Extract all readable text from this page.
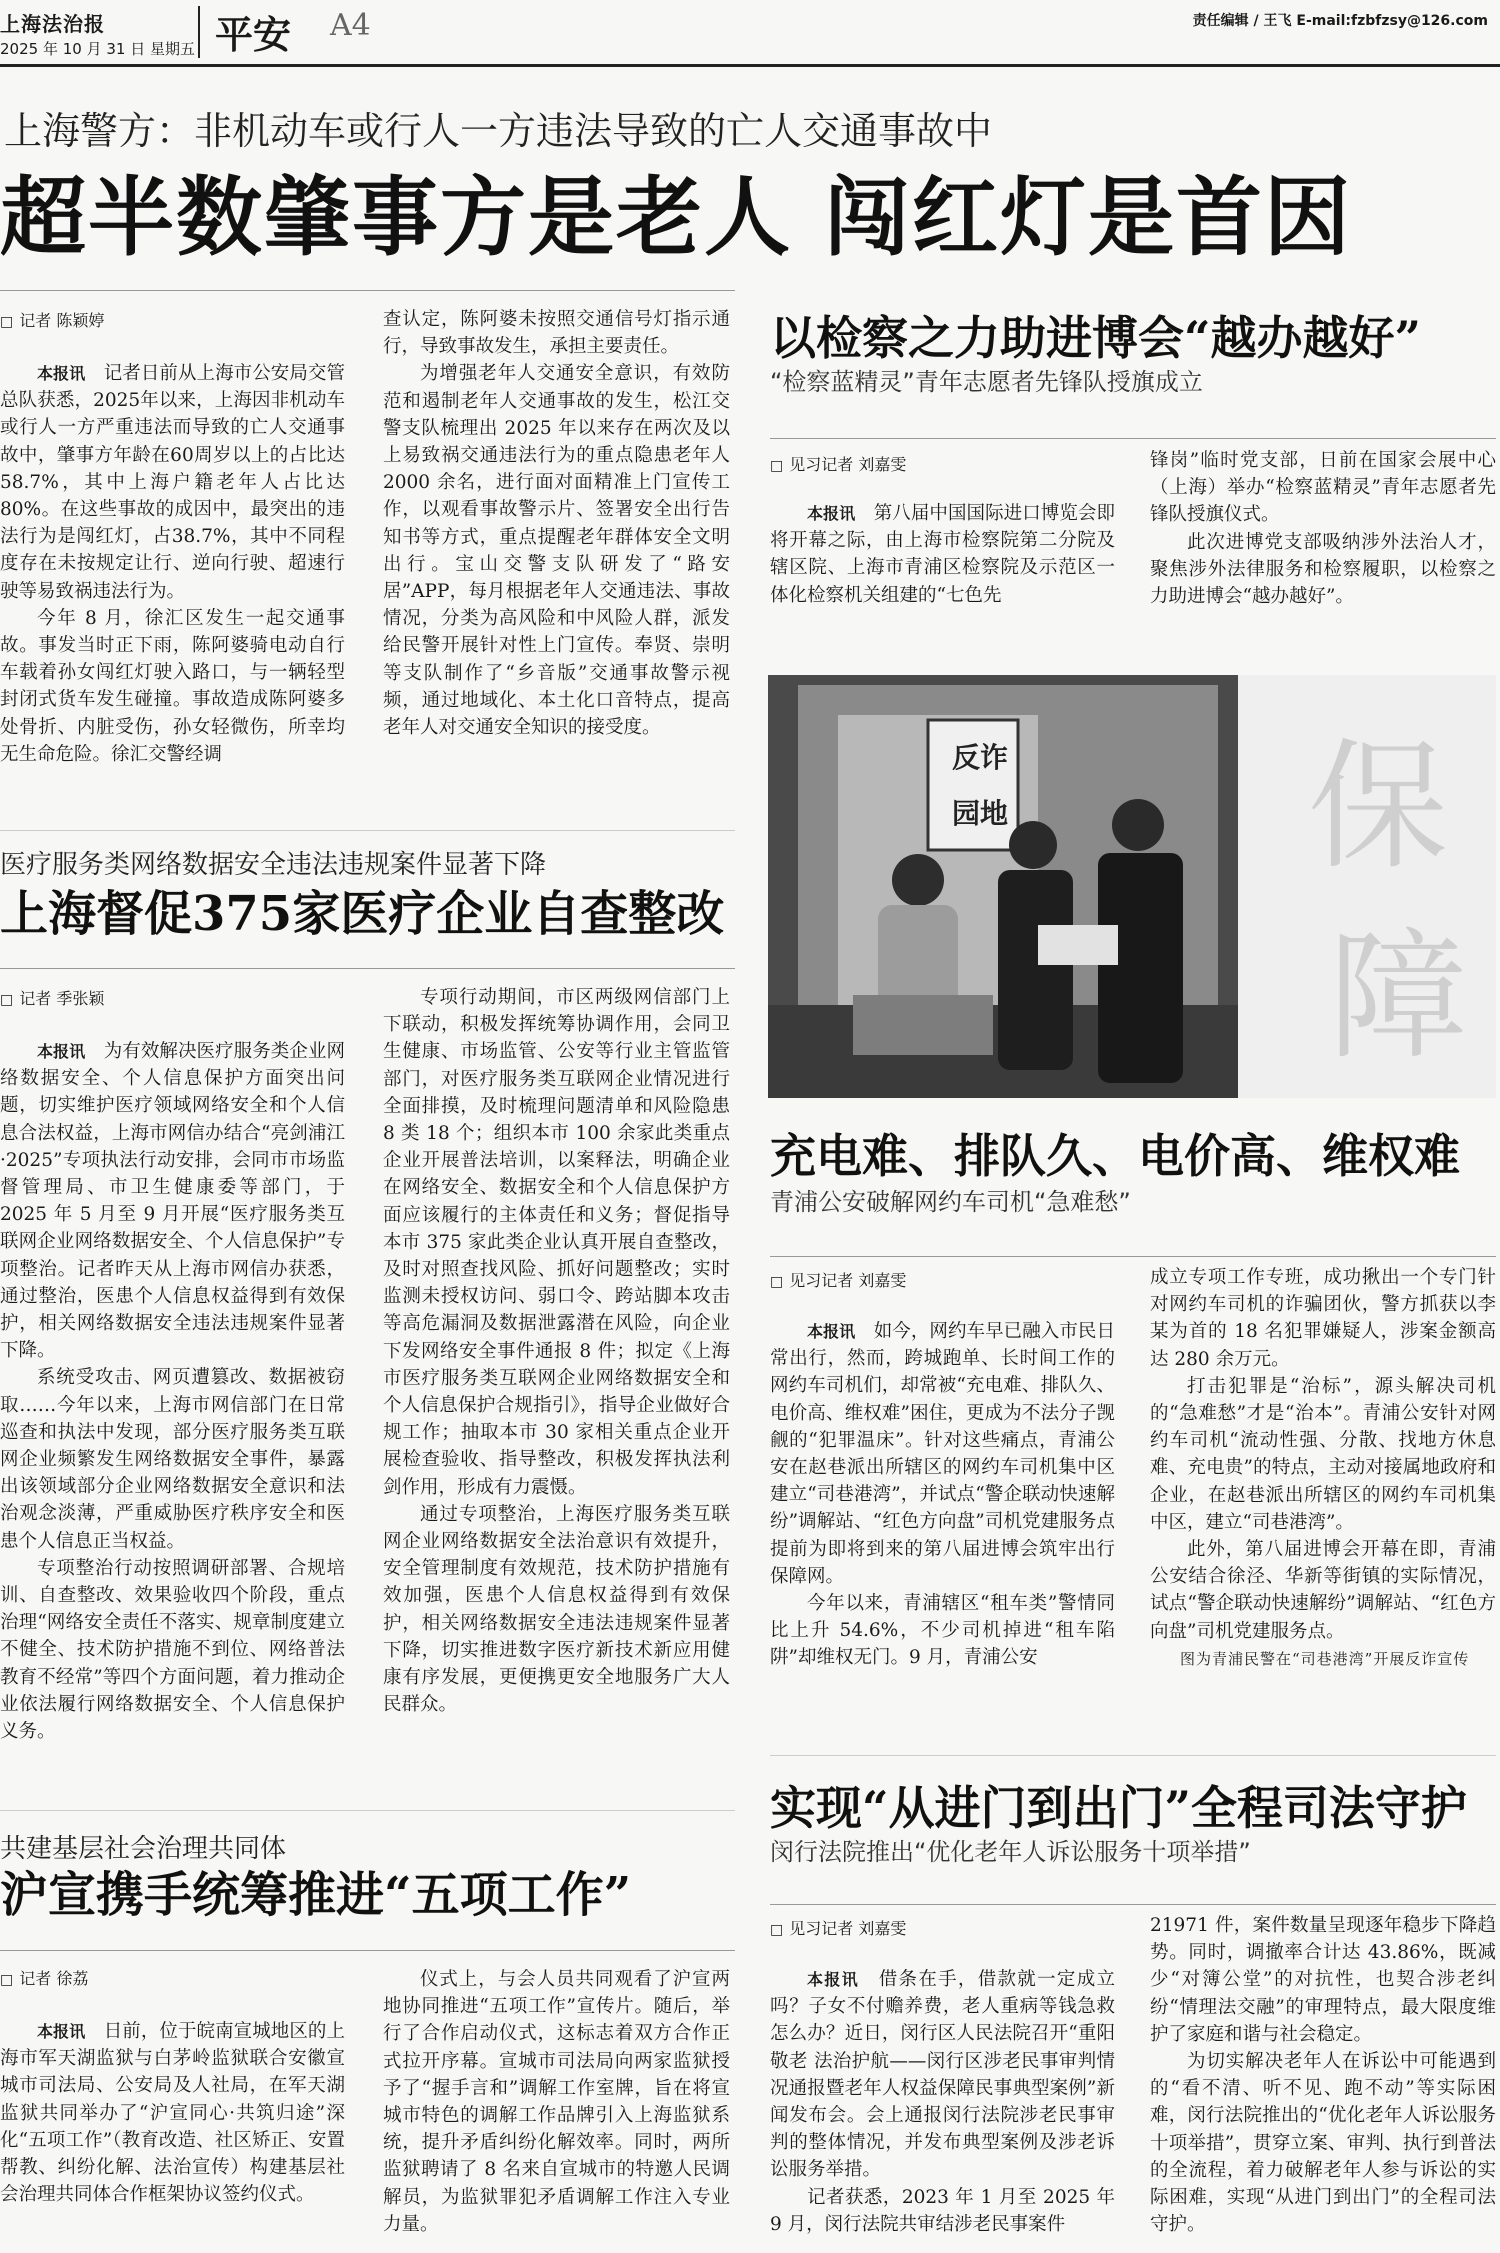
上海法治报
2025 年 10 月 31 日 星期五 平安 A4	责任编辑 / 王飞 E-mail:fzbfzsy@126.com
上海警方：非机动车或行人一方违法导致的亡人交通事故中
超半数肇事方是老人 闯红灯是首因
□ 记者 陈颖婷

本报讯　 记者日前从上海市公安局交管总队获悉，2025年以来，上海因非机动车或行人一方严重违法而导致的亡人交通事故中，肇事方年龄在60周岁以上的占比达58.7%，其中上海户籍老年人占比达80%。在这些事故的成因中，最突出的违法行为是闯红灯，占38.7%，其中不同程度存在未按规定让行、逆向行驶、超速行驶等易致祸违法行为。

今年 8 月，徐汇区发生一起交通事故。事发当时正下雨，陈阿婆骑电动自行车载着孙女闯红灯驶入路口，与一辆轻型封闭式货车发生碰撞。事故造成陈阿婆多处骨折、内脏受伤，孙女轻微伤，所幸均无生命危险。徐汇交警经调

查认定，陈阿婆未按照交通信号灯指示通行，导致事故发生，承担主要责任。

为增强老年人交通安全意识，有效防范和遏制老年人交通事故的发生，松江交警支队梳理出 2025 年以来存在两次及以上易致祸交通违法行为的重点隐患老年人 2000 余名，进行面对面精准上门宣传工作，以观看事故警示片、签署安全出行告知书等方式，重点提醒老年群体安全文明出行。宝山交警支队研发了“路安居”APP，每月根据老年人交通违法、事故情况，分类为高风险和中风险人群，派发给民警开展针对性上门宣传。奉贤、崇明等支队制作了“乡音版”交通事故警示视频，通过地域化、本土化口音特点，提高老年人对交通安全知识的接受度。

医疗服务类网络数据安全违法违规案件显著下降
上海督促375家医疗企业自查整改
□ 记者 季张颖

本报讯　 为有效解决医疗服务类企业网络数据安全、个人信息保护方面突出问题，切实维护医疗领域网络安全和个人信息合法权益，上海市网信办结合“亮剑浦江·2025”专项执法行动安排，会同市市场监督管理局、市卫生健康委等部门，于 2025 年 5 月至 9 月开展“医疗服务类互联网企业网络数据安全、个人信息保护”专项整治。记者昨天从上海市网信办获悉，通过整治，医患个人信息权益得到有效保护，相关网络数据安全违法违规案件显著下降。

系统受攻击、网页遭篡改、数据被窃取……今年以来，上海市网信部门在日常巡查和执法中发现，部分医疗服务类互联网企业频繁发生网络数据安全事件，暴露出该领域部分企业网络数据安全意识和法治观念淡薄，严重威胁医疗秩序安全和医患个人信息正当权益。

专项整治行动按照调研部署、合规培训、自查整改、效果验收四个阶段，重点治理“网络安全责任不落实、规章制度建立不健全、技术防护措施不到位、网络普法教育不经常”等四个方面问题，着力推动企业依法履行网络数据安全、个人信息保护义务。

专项行动期间，市区两级网信部门上下联动，积极发挥统筹协调作用，会同卫生健康、市场监管、公安等行业主管监管部门，对医疗服务类互联网企业情况进行全面排摸，及时梳理问题清单和风险隐患 8 类 18 个；组织本市 100 余家此类重点企业开展普法培训，以案释法，明确企业在网络安全、数据安全和个人信息保护方面应该履行的主体责任和义务；督促指导本市 375 家此类企业认真开展自查整改，及时对照查找风险、抓好问题整改；实时监测未授权访问、弱口令、跨站脚本攻击等高危漏洞及数据泄露潜在风险，向企业下发网络安全事件通报 8 件；拟定《上海市医疗服务类互联网企业网络数据安全和个人信息保护合规指引》，指导企业做好合规工作；抽取本市 30 家相关重点企业开展检查验收、指导整改，积极发挥执法利剑作用，形成有力震慑。

通过专项整治，上海医疗服务类互联网企业网络数据安全法治意识有效提升，安全管理制度有效规范，技术防护措施有效加强，医患个人信息权益得到有效保护，相关网络数据安全违法违规案件显著下降，切实推进数字医疗新技术新应用健康有序发展，更便携更安全地服务广大人民群众。

共建基层社会治理共同体
沪宣携手统筹推进“五项工作”
□ 记者 徐荔

本报讯　 日前，位于皖南宣城地区的上海市军天湖监狱与白茅岭监狱联合安徽宣城市司法局、公安局及人社局，在军天湖监狱共同举办了“沪宣同心·共筑归途”深化“五项工作”（教育改造、社区矫正、安置帮教、纠纷化解、法治宣传）构建基层社会治理共同体合作框架协议签约仪式。

仪式上，与会人员共同观看了沪宣两地协同推进“五项工作”宣传片。随后，举行了合作启动仪式，这标志着双方合作正式拉开序幕。宣城市司法局向两家监狱授予了“握手言和”调解工作室牌，旨在将宣城市特色的调解工作品牌引入上海监狱系统，提升矛盾纠纷化解效率。同时，两所监狱聘请了 8 名来自宣城市的特邀人民调解员，为监狱罪犯矛盾调解工作注入专业力量。

以检察之力助进博会“越办越好”
“检察蓝精灵”青年志愿者先锋队授旗成立
□ 见习记者 刘嘉雯

本报讯　 第八届中国国际进口博览会即将开幕之际，由上海市检察院第二分院及辖区院、上海市青浦区检察院及示范区一体化检察机关组建的“七色先

锋岗”临时党支部，日前在国家会展中心（上海）举办“检察蓝精灵”青年志愿者先锋队授旗仪式。

此次进博党支部吸纳涉外法治人才，聚焦涉外法律服务和检察履职，以检察之力助进博会“越办越好”。

反诈 园地 保
障
充电难、排队久、电价高、维权难
青浦公安破解网约车司机“急难愁”
□ 见习记者 刘嘉雯

本报讯　 如今，网约车早已融入市民日常出行，然而，跨城跑单、长时间工作的网约车司机们，却常被“充电难、排队久、电价高、维权难”困住，更成为不法分子觊觎的“犯罪温床”。针对这些痛点，青浦公安在赵巷派出所辖区的网约车司机集中区建立“司巷港湾”，并试点“警企联动快速解纷”调解站、“红色方向盘”司机党建服务点提前为即将到来的第八届进博会筑牢出行保障网。

今年以来，青浦辖区“租车类”警情同比上升 54.6%，不少司机掉进“租车陷阱”却维权无门。9 月，青浦公安

成立专项工作专班，成功揪出一个专门针对网约车司机的诈骗团伙，警方抓获以李某为首的 18 名犯罪嫌疑人，涉案金额高达 280 余万元。

打击犯罪是“治标”，源头解决司机的“急难愁”才是“治本”。青浦公安针对网约车司机“流动性强、分散、找地方休息难、充电贵”的特点，主动对接属地政府和企业，在赵巷派出所辖区的网约车司机集中区，建立“司巷港湾”。

此外，第八届进博会开幕在即，青浦公安结合徐泾、华新等街镇的实际情况，试点“警企联动快速解纷”调解站、“红色方向盘”司机党建服务点。

图为青浦民警在“司巷港湾”开展反诈宣传
实现“从进门到出门”全程司法守护
闵行法院推出“优化老年人诉讼服务十项举措”
□ 见习记者 刘嘉雯

本报讯　 借条在手，借款就一定成立吗？子女不付赡养费，老人重病等钱急救怎么办？近日，闵行区人民法院召开“重阳敬老 法治护航——闵行区涉老民事审判情况通报暨老年人权益保障民事典型案例”新闻发布会。会上通报闵行法院涉老民事审判的整体情况，并发布典型案例及涉老诉讼服务举措。

记者获悉，2023 年 1 月至 2025 年 9 月，闵行法院共审结涉老民事案件

21971 件，案件数量呈现逐年稳步下降趋势。同时，调撤率合计达 43.86%，既减少“对簿公堂”的对抗性，也契合涉老纠纷“情理法交融”的审理特点，最大限度维护了家庭和谐与社会稳定。

为切实解决老年人在诉讼中可能遇到的“看不清、听不见、跑不动”等实际困难，闵行法院推出的“优化老年人诉讼服务十项举措”，贯穿立案、审判、执行到普法的全流程，着力破解老年人参与诉讼的实际困难，实现“从进门到出门”的全程司法守护。
